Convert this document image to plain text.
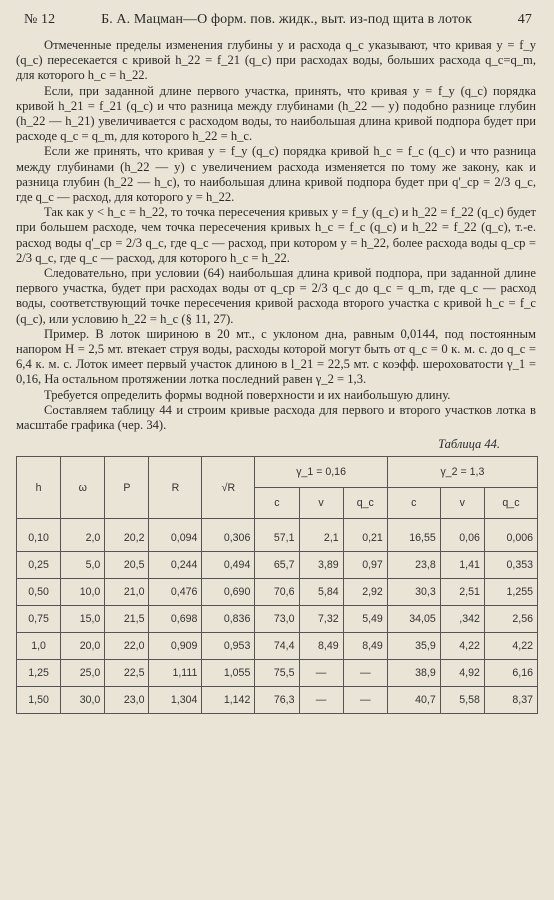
№ 12	Б. А. Мацман—О форм. пов. жидк., выт. из-под щита в лоток	47

Отмеченные пределы изменения глубины y и расхода q_c указывают, что кривая y = f_y (q_c) пересекается с кривой h_22 = f_21 (q_c) при расходах воды, больших расхода q_c=q_m, для которого h_c = h_22.

Если, при заданной длине первого участка, принять, что кривая y = f_y (q_c) порядка кривой h_21 = f_21 (q_c) и что разница между глубинами (h_22 — y) подобно разнице глубин (h_22 — h_21) увеличивается с расходом воды, то наибольшая длина кривой подпора будет при расходе q_c = q_m, для которого h_22 = h_c.

Если же принять, что кривая y = f_y (q_c) порядка кривой h_c = f_c (q_c) и что разница между глубинами (h_22 — y) с увеличением расхода изменяется по тому же закону, как и разница глубин (h_22 — h_c), то наибольшая длина кривой подпора будет при q'_cp = 2/3 q_c, где q_c — расход, для которого y = h_22.

Так как y < h_c = h_22, то точка пересечения кривых y = f_y (q_c) и h_22 = f_22 (q_c) будет при большем расходе, чем точка пересечения кривых h_c = f_c (q_c) и h_22 = f_22 (q_c), т.-е. расход воды q'_cp = 2/3 q_c, где q_c — расход, при котором y = h_22, более расхода воды q_cp = 2/3 q_c, где q_c — расход, для которого h_c = h_22.

Следовательно, при условии (64) наибольшая длина кривой подпора, при заданной длине первого участка, будет при расходах воды от q_cp = 2/3 q_c до q_c = q_m, где q_c — расход воды, соответствующий точке пересечения кривой расхода второго участка с кривой h_c = f_c (q_c), или условию h_22 = h_c (§ 11, 27).

Пример. В лоток шириною в 20 мт., с уклоном дна, равным 0,0144, под постоянным напором H = 2,5 мт. втекает струя воды, расходы которой могут быть от q_c = 0 к. м. с. до q_c = 6,4 к. м. с. Лоток имеет первый участок длиною в l_21 = 22,5 мт. с коэфф. шероховатости γ_1 = 0,16, На остальном протяжении лотка последний равен γ_2 = 1,3.

Требуется определить формы водной поверхности и их наибольшую длину.

Составляем таблицу 44 и строим кривые расхода для первого и второго участков лотка в масштабе графика (чер. 34).

Таблица 44.
h	ω	P	R	√R	γ_1 = 0,16			γ_2 = 1,3		
					c	v	q_c	c	v	q_c
0,10	2,0	20,2	0,094	0,306	57,1	2,1	0,21	16,55	0,06	0,006
0,25	5,0	20,5	0,244	0,494	65,7	3,89	0,97	23,8	1,41	0,353
0,50	10,0	21,0	0,476	0,690	70,6	5,84	2,92	30,3	2,51	1,255
0,75	15,0	21,5	0,698	0,836	73,0	7,32	5,49	34,05	,342	2,56
1,0	20,0	22,0	0,909	0,953	74,4	8,49	8,49	35,9	4,22	4,22
1,25	25,0	22,5	1,111	1,055	75,5	—	—	38,9	4,92	6,16
1,50	30,0	23,0	1,304	1,142	76,3	—	—	40,7	5,58	8,37
